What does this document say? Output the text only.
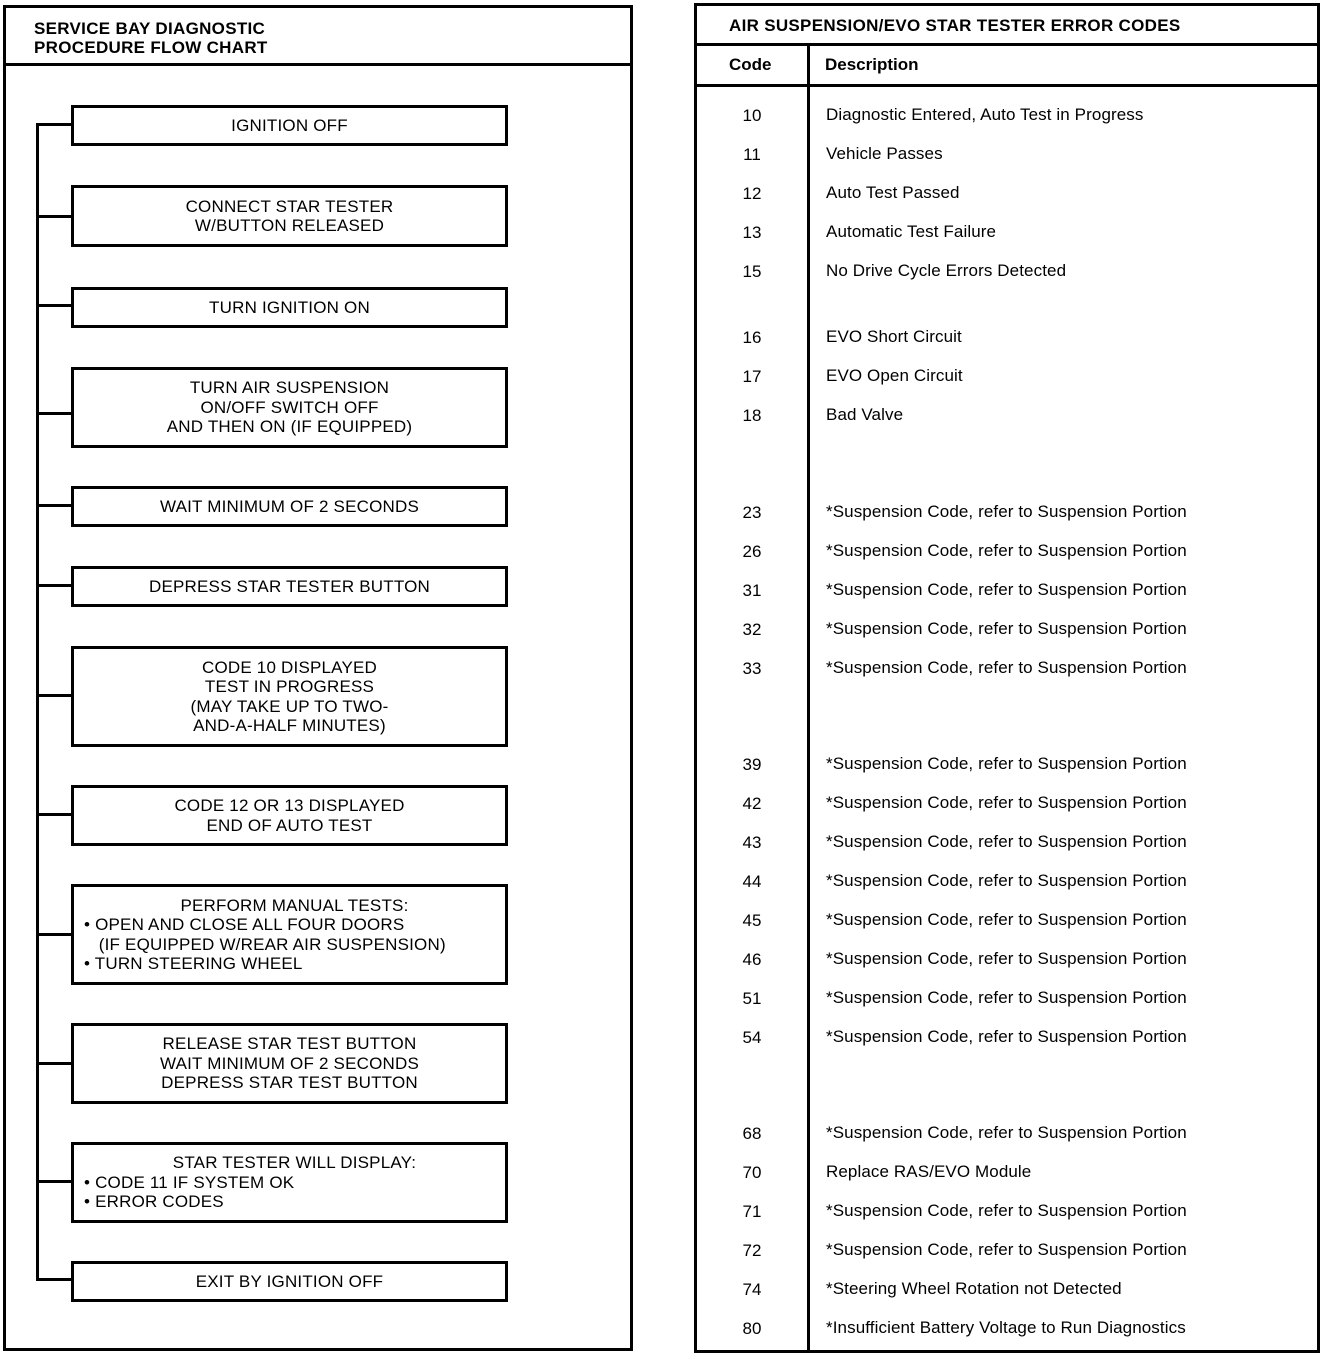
SERVICE BAY DIAGNOSTIC
PROCEDURE FLOW CHART
IGNITION OFF
CONNECT STAR TESTER
W/BUTTON RELEASED
TURN IGNITION ON
TURN AIR SUSPENSION
ON/OFF SWITCH OFF
AND THEN ON (IF EQUIPPED)
WAIT MINIMUM OF 2 SECONDS
DEPRESS STAR TESTER BUTTON
CODE 10 DISPLAYED
TEST IN PROGRESS
(MAY TAKE UP TO TWO-
AND-A-HALF MINUTES)
CODE 12 OR 13 DISPLAYED
END OF AUTO TEST
PERFORM MANUAL TESTS:
• OPEN AND CLOSE ALL FOUR DOORS
(IF EQUIPPED W/REAR AIR SUSPENSION)
• TURN STEERING WHEEL
RELEASE STAR TEST BUTTON
WAIT MINIMUM OF 2 SECONDS
DEPRESS STAR TEST BUTTON
STAR TESTER WILL DISPLAY:
• CODE 11 IF SYSTEM OK
• ERROR CODES
EXIT BY IGNITION OFF
AIR SUSPENSION/EVO STAR TESTER ERROR CODES
Code	Description
10	Diagnostic Entered, Auto Test in Progress
11	Vehicle Passes
12	Auto Test Passed
13	Automatic Test Failure
15	No Drive Cycle Errors Detected
16	EVO Short Circuit
17	EVO Open Circuit
18	Bad Valve
23	*Suspension Code, refer to Suspension Portion
26	*Suspension Code, refer to Suspension Portion
31	*Suspension Code, refer to Suspension Portion
32	*Suspension Code, refer to Suspension Portion
33	*Suspension Code, refer to Suspension Portion
39	*Suspension Code, refer to Suspension Portion
42	*Suspension Code, refer to Suspension Portion
43	*Suspension Code, refer to Suspension Portion
44	*Suspension Code, refer to Suspension Portion
45	*Suspension Code, refer to Suspension Portion
46	*Suspension Code, refer to Suspension Portion
51	*Suspension Code, refer to Suspension Portion
54	*Suspension Code, refer to Suspension Portion
68	*Suspension Code, refer to Suspension Portion
70	Replace RAS/EVO Module
71	*Suspension Code, refer to Suspension Portion
72	*Suspension Code, refer to Suspension Portion
74	*Steering Wheel Rotation not Detected
80	*Insufficient Battery Voltage to Run Diagnostics
